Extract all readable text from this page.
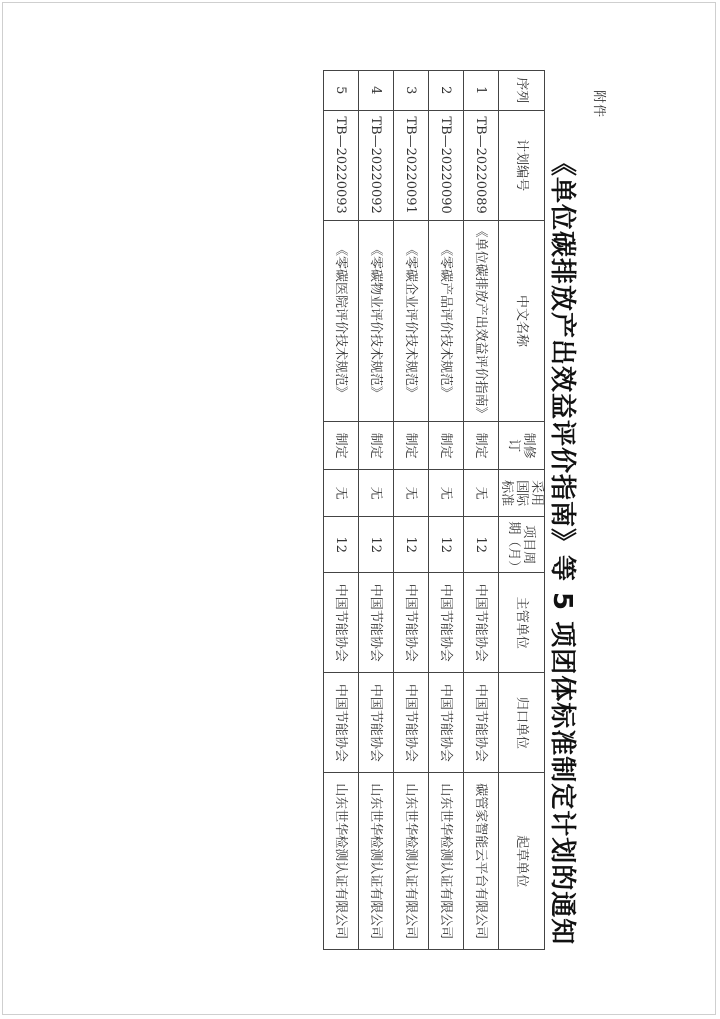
附件
《单位碳排放产出效益评价指南》等 5 项团体标准制定计划的通知
序列	计划编号	中文名称	制修订	采用国际标准	项目周期（月）	主管单位	归口单位	起草单位
1	TB—20220089	《单位碳排放产出效益评价指南》	制定	无	12	中国节能协会	中国节能协会	碳管家智能云平台有限公司
2	TB—20220090	《零碳产品评价技术规范》	制定	无	12	中国节能协会	中国节能协会	山东世华检测认证有限公司
3	TB—20220091	《零碳企业评价技术规范》	制定	无	12	中国节能协会	中国节能协会	山东世华检测认证有限公司
4	TB—20220092	《零碳物业评价技术规范》	制定	无	12	中国节能协会	中国节能协会	山东世华检测认证有限公司
5	TB—20220093	《零碳医院评价技术规范》	制定	无	12	中国节能协会	中国节能协会	山东世华检测认证有限公司
